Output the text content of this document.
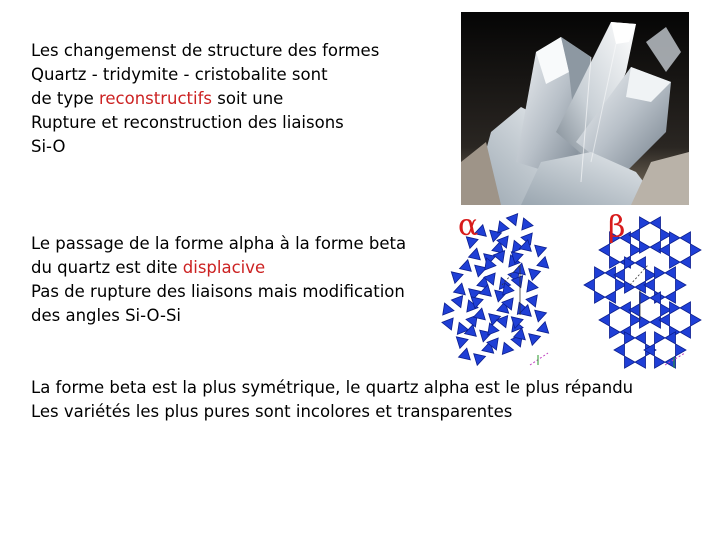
Les changemenst de structure des formes
Quartz - tridymite - cristobalite sont
de type reconstructifs soit une
Rupture et reconstruction des liaisons
Si-O
Le passage de la forme alpha à la forme beta
du quartz est dite displacive
Pas de rupture des liaisons mais modification
des angles Si-O-Si
α	β
La forme beta est la plus symétrique, le quartz alpha est le plus répandu
Les variétés les plus pures sont incolores et transparentes
